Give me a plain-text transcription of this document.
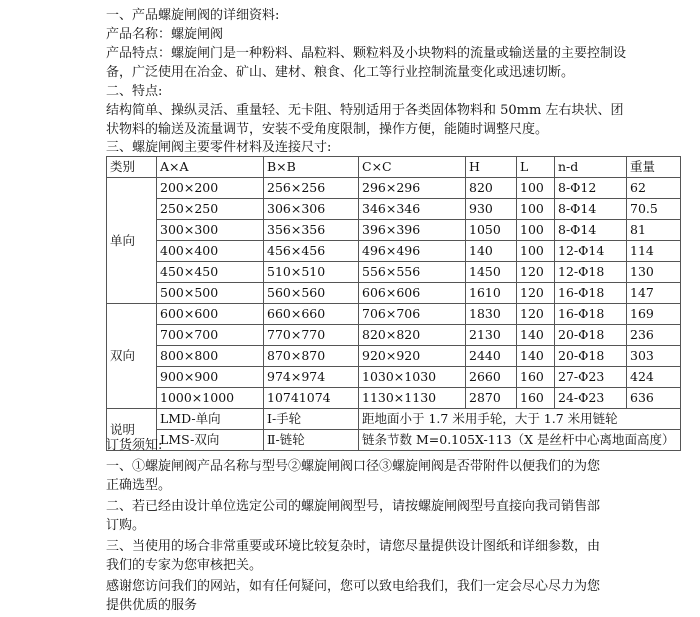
一、产品螺旋闸阀的详细资料:
产品名称：螺旋闸阀
产品特点：螺旋闸门是一种粉料、晶粒料、颗粒料及小块物料的流量或输送量的主要控制设
备，广泛使用在冶金、矿山、建材、粮食、化工等行业控制流量变化或迅速切断。
二、特点:
结构简单、操纵灵活、重量轻、无卡阻、特别适用于各类固体物料和 50mm 左右块状、团
状物料的输送及流量调节，安装不受角度限制，操作方便，能随时调整尺度。
三、螺旋闸阀主要零件材料及连接尺寸:
类别	A×A	B×B	C×C	H	L	n-d	重量
单向	200×200	256×256	296×296	820	100	8-Φ12	62
	250×250	306×306	346×346	930	100	8-Φ14	70.5
	300×300	356×356	396×396	1050	100	8-Φ14	81
	400×400	456×456	496×496	140	100	12-Φ14	114
	450×450	510×510	556×556	1450	120	12-Φ18	130
	500×500	560×560	606×606	1610	120	16-Φ18	147
双向	600×600	660×660	706×706	1830	120	16-Φ18	169
	700×700	770×770	820×820	2130	140	20-Φ18	236
	800×800	870×870	920×920	2440	140	20-Φ18	303
	900×900	974×974	1030×1030	2660	160	27-Φ23	424
	1000×1000	10741074	1130×1130	2870	160	24-Φ23	636
说明	LMD-单向	I-手轮	距地面小于 1.7 米用手轮，大于 1.7 米用链轮				
	LMS-双向	Ⅱ-链轮	链条节数 M=0.105X-113（X 是丝杆中心离地面高度）				

订货须知:

一、①螺旋闸阀产品名称与型号②螺旋闸阀口径③螺旋闸阀是否带附件以便我们的为您正确选型。

二、若已经由设计单位选定公司的螺旋闸阀型号，请按螺旋闸阀型号直接向我司销售部订购。

三、当使用的场合非常重要或环境比较复杂时，请您尽量提供设计图纸和详细参数，由我们的专家为您审核把关。

感谢您访问我们的网站，如有任何疑问，您可以致电给我们，我们一定会尽心尽力为您提供优质的服务
